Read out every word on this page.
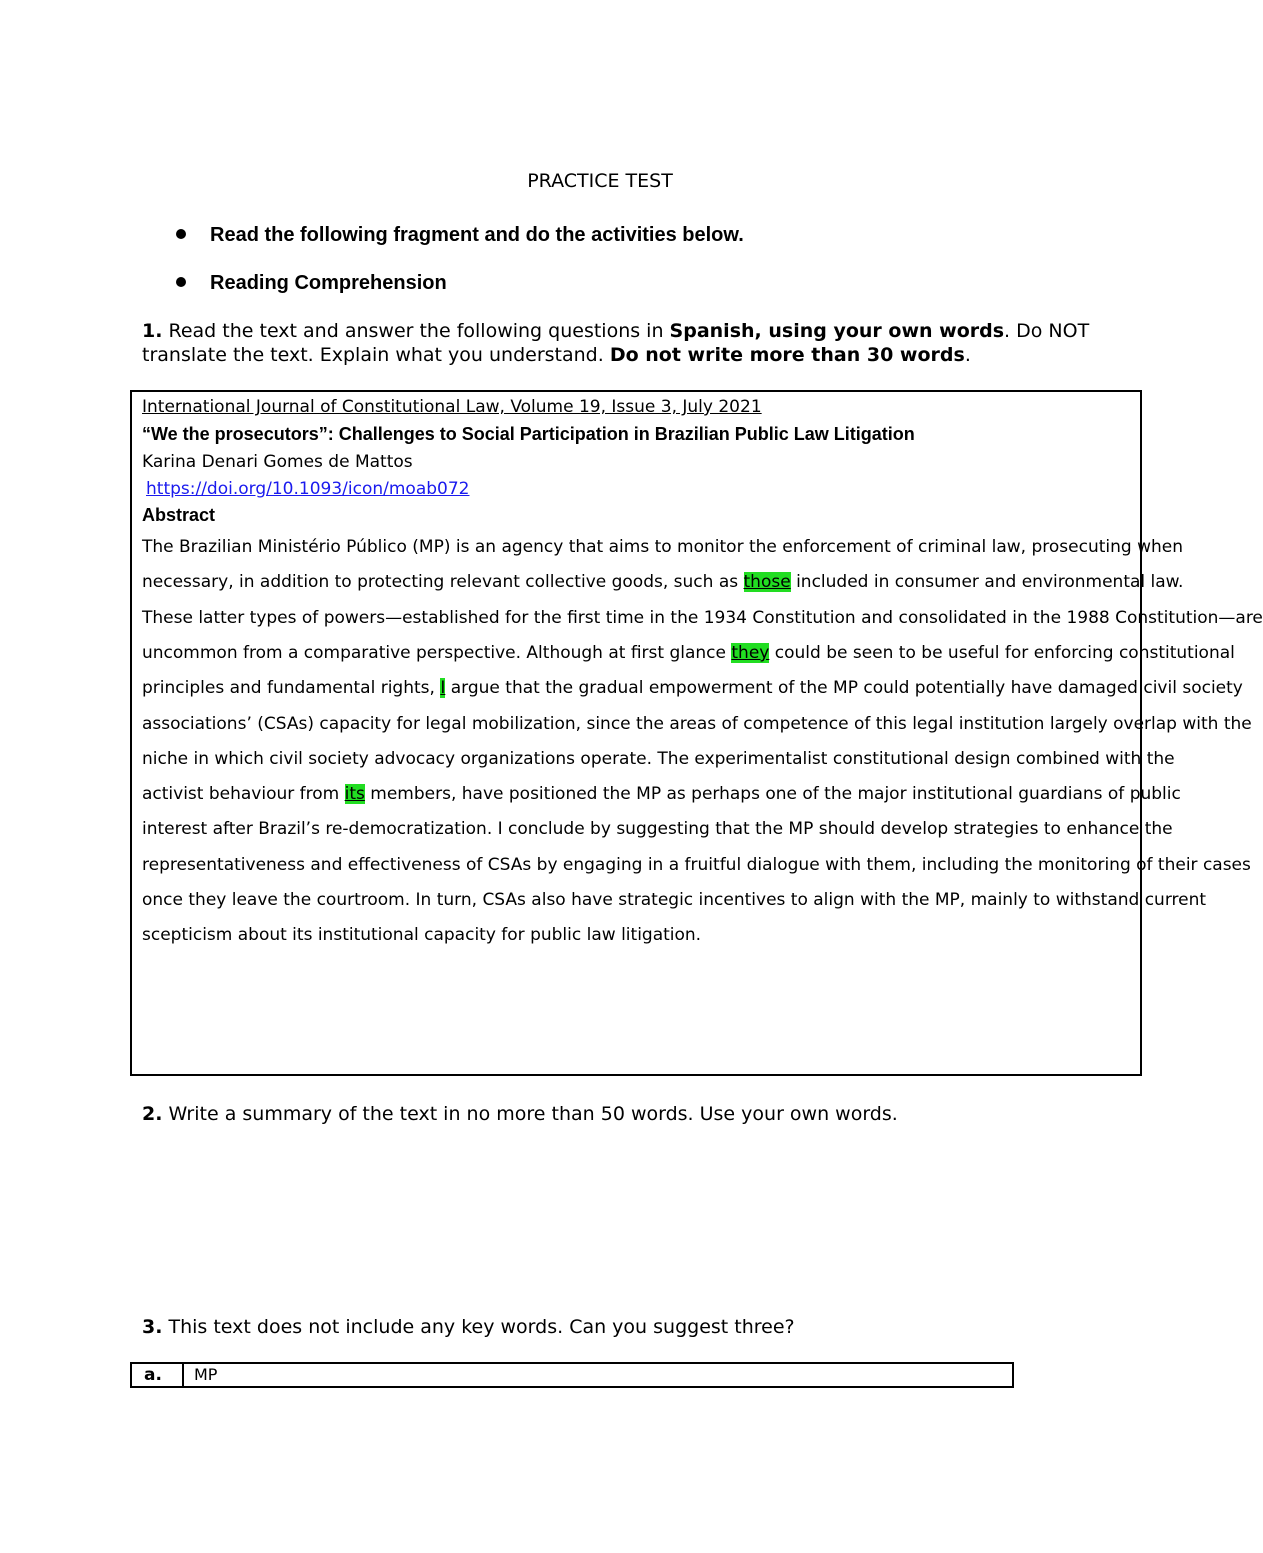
PRACTICE TEST
Read the following fragment and do the activities below.
Reading Comprehension
1. Read the text and answer the following questions in Spanish, using your own words. Do NOT
translate the text. Explain what you understand. Do not write more than 30 words.
International Journal of Constitutional Law, Volume 19, Issue 3, July 2021
“We the prosecutors”: Challenges to Social Participation in Brazilian Public Law Litigation
Karina Denari Gomes de Mattos
https://doi.org/10.1093/icon/moab072
Abstract
The Brazilian Ministério Público (MP) is an agency that aims to monitor the enforcement of criminal law, prosecuting when
necessary, in addition to protecting relevant collective goods, such as those included in consumer and environmental law.
These latter types of powers—established for the first time in the 1934 Constitution and consolidated in the 1988 Constitution—are
uncommon from a comparative perspective. Although at first glance they could be seen to be useful for enforcing constitutional
principles and fundamental rights, I argue that the gradual empowerment of the MP could potentially have damaged civil society
associations’ (CSAs) capacity for legal mobilization, since the areas of competence of this legal institution largely overlap with the
niche in which civil society advocacy organizations operate. The experimentalist constitutional design combined with the
activist behaviour from its members, have positioned the MP as perhaps one of the major institutional guardians of public
interest after Brazil’s re-democratization. I conclude by suggesting that the MP should develop strategies to enhance the
representativeness and effectiveness of CSAs by engaging in a fruitful dialogue with them, including the monitoring of their cases
once they leave the courtroom. In turn, CSAs also have strategic incentives to align with the MP, mainly to withstand current
scepticism about its institutional capacity for public law litigation.
2. Write a summary of the text in no more than 50 words. Use your own words.
3. This text does not include any key words. Can you suggest three?
a.	MP
